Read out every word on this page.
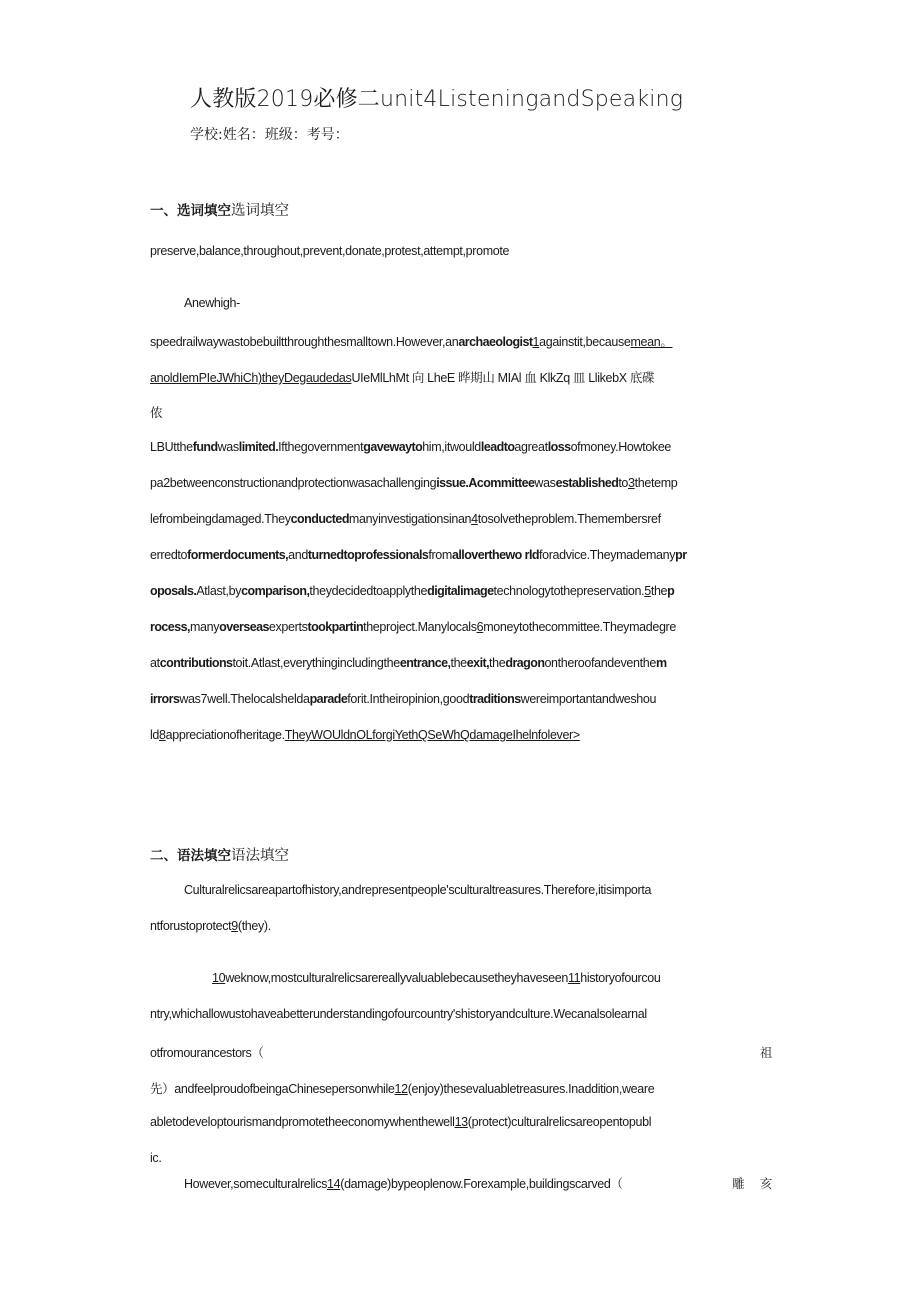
人教版2019必修二unit4ListeningandSpeaking
学校:姓名：班级：考号：
一、选词填空选词填空
preserve,balance,throughout,prevent,donate,protest,attempt,promote
Anewhigh-
speedrailwaywastobebuiltthroughthesmalltown.However,anarchaeologist1againstit,becausemean。
anoldIemPIeJWhiCh)theyDegaudedasUIeMlLhMt 向 LheE 晔期山 MIAl 血 KlkZq 皿 LlikebX 底碟
侬
LBUtthefundwaslimited.Ifthegovernmentgavewaytohim,itwouldleadtoagreatlossofmoney.Howtokee
pa2betweenconstructionandprotectionwasachallengingissue.Acommitteewasestablishedto3thetemp
lefrombeingdamaged.Theyconductedmanyinvestigationsinan4tosolvetheproblem.Themembersref
erredtoformerdocuments,andturnedtoprofessionalsfromalloverthewo rldforadvice.Theymademanypr
oposals.Atlast,bycomparison,theydecidedtoapplythedigitalimagetechnologytothepreservation.5thep
rocess,manyoverseasexpertstookpartintheproject.Manylocals6moneytothecommittee.Theymadegre
atcontributionstoit.Atlast,everythingincludingtheentrance,theexit,thedragonontheroofandeventhem
irrorswas7well.Thelocalsheldaparadeforit.Intheiropinion,goodtraditionswereimportantandweshou
ld8appreciationofheritage.TheyWOUldnOLforgiYethQSeWhQdamageIhelnfolever>
二、语法填空语法填空
Culturalrelicsareapartofhistory,andrepresentpeople'sculturaltreasures.Therefore,itisimporta
ntforustoprotect9(they).
10weknow,mostculturalrelicsarereallyvaluablebecausetheyhaveseen11historyofourcou
ntry,whichallowustohaveabetterunderstandingofourcountry'shistoryandculture.Wecanalsolearnal
otfromourancestors（	祖
先）andfeelproudofbeingaChinesepersonwhile12(enjoy)thesevaluabletreasures.Inaddition,weare
abletodeveloptourismandpromotetheeconomywhenthewell13(protect)culturalrelicsareopentopubl
ic.
However,someculturalrelics14(damage)bypeoplenow.Forexample,buildingscarved（	雕 亥
